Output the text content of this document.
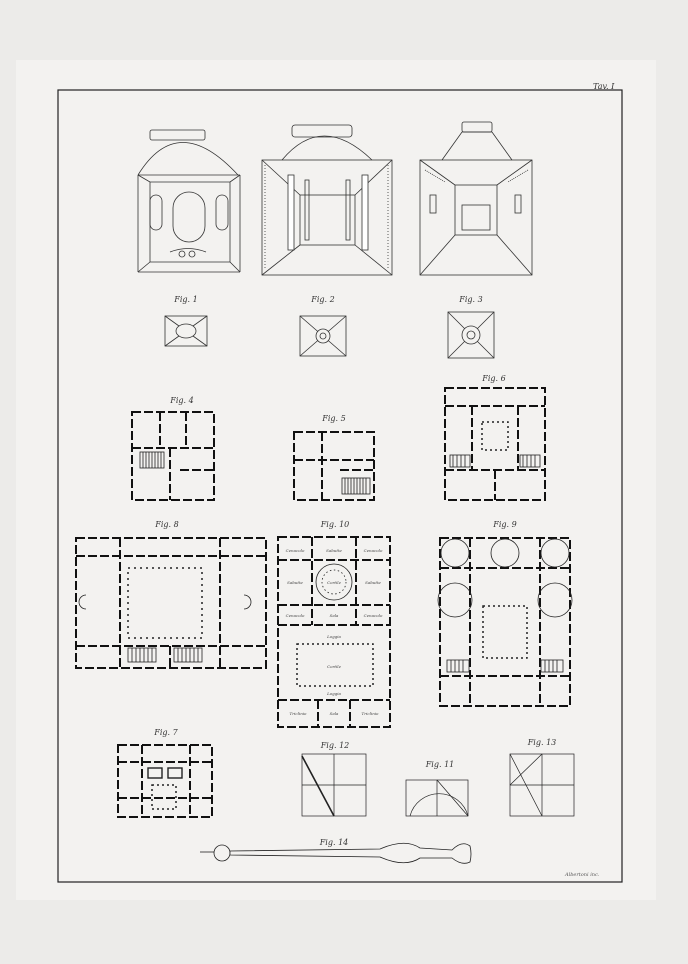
Tav. I
Albertoni inc.
Fig. 1	Fig. 2	Fig. 3
Fig. 4
Fig. 5
Fig. 6
Fig. 7
Fig. 8	Fig. 9
Fig. 10
Fig. 11
Fig. 12	Fig. 13
Fig. 14
Cenacolo	Sabutte	Cenacolo
Sabutte	Cortile	Sabutte
Cenacolo	Sala	Cenacolo
Loggia
Cortile
Loggia
Triclinio	Sala	Triclinio
